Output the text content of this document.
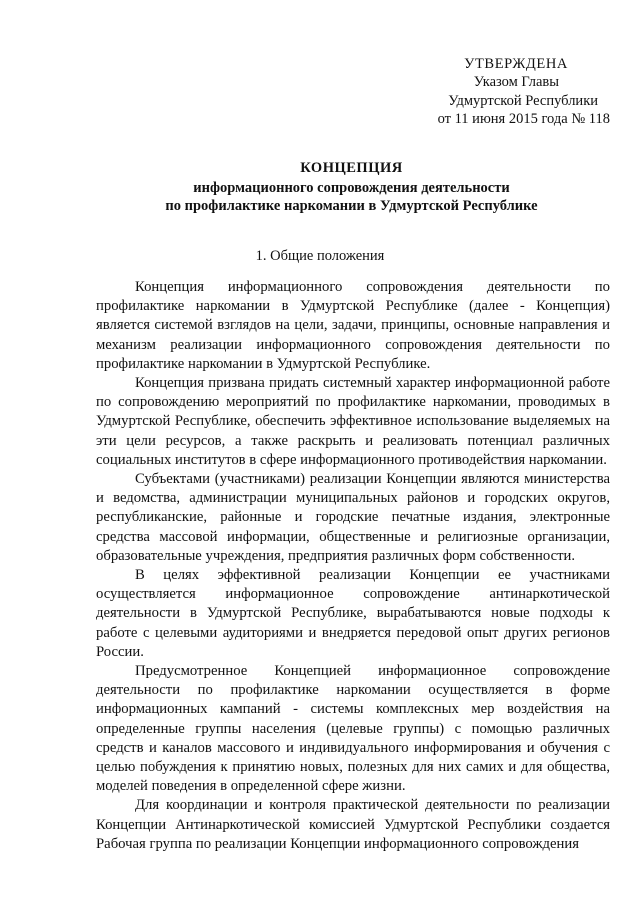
УТВЕРЖДЕНА
Указом Главы
Удмуртской Республики
от 11 июня 2015 года № 118
КОНЦЕПЦИЯ
информационного сопровождения деятельности
по профилактике наркомании в Удмуртской Республике
1. Общие положения

Концепция информационного сопровождения деятельности по профилактике наркомании в Удмуртской Республике (далее - Концепция) является системой взглядов на цели, задачи, принципы, основные направления и механизм реализации информационного сопровождения деятельности по профилактике наркомании в Удмуртской Республике.

Концепция призвана придать системный характер информационной работе по сопровождению мероприятий по профилактике наркомании, проводимых в Удмуртской Республике, обеспечить эффективное использование выделяемых на эти цели ресурсов, а также раскрыть и реализовать потенциал различных социальных институтов в сфере информационного противодействия наркомании.

Субъектами (участниками) реализации Концепции являются министерства и ведомства, администрации муниципальных районов и городских округов, республиканские, районные и городские печатные издания, электронные средства массовой информации, общественные и религиозные организации, образовательные учреждения, предприятия различных форм собственности.

В целях эффективной реализации Концепции ее участниками осуществляется информационное сопровождение антинаркотической деятельности в Удмуртской Республике, вырабатываются новые подходы к работе с целевыми аудиториями и внедряется передовой опыт других регионов России.

Предусмотренное Концепцией информационное сопровождение деятельности по профилактике наркомании осуществляется в форме информационных кампаний - системы комплексных мер воздействия на определенные группы населения (целевые группы) с помощью различных средств и каналов массового и индивидуального информирования и обучения с целью побуждения к принятию новых, полезных для них самих и для общества, моделей поведения в определенной сфере жизни.

Для координации и контроля практической деятельности по реализации Концепции Антинаркотической комиссией Удмуртской Республики создается Рабочая группа по реализации Концепции информационного сопровождения
